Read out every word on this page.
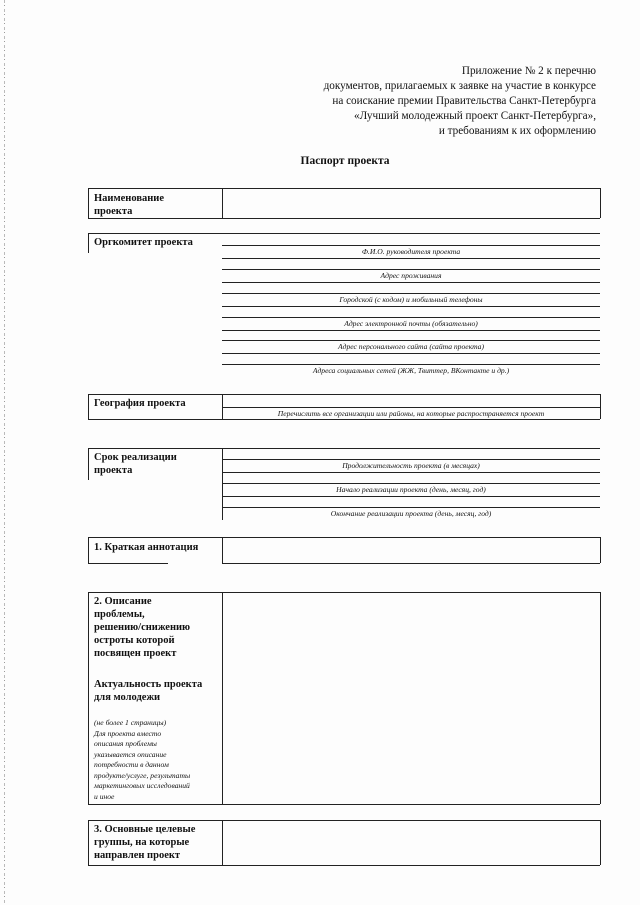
Приложение № 2 к перечню
документов, прилагаемых к заявке на участие в конкурсе
на соискание премии Правительства Санкт-Петербурга
«Лучший молодежный проект Санкт-Петербурга»,
и требованиям к их оформлению
Паспорт проекта
Наименование
проекта
Оргкомитет проекта
Ф.И.О. руководителя проекта
Адрес проживания
Городской (с кодом) и мобильный телефоны
Адрес электронной почты (обязательно)
Адрес персонального сайта (сайта проекта)
Адреса социальных сетей (ЖЖ, Твиттер, ВКонтакте и др.)
География проекта
Перечислить все организации или районы, на которые распространяется проект
Срок реализации
проекта	Продолжительность проекта (в месяцах)
Начало реализации проекта (день, месяц, год)
Окончание реализации проекта (день, месяц, год)
1. Краткая аннотация
2. Описание
проблемы,
решению/снижению
остроты которой
посвящен проект
Актуальность проекта
для молодежи
(не более 1 страницы)
Для проекта вместо
описания проблемы
указывается описание
потребности в данном
продукте/услуге, результаты
маркетинговых исследований
и иное
3. Основные целевые
группы, на которые
направлен проект
